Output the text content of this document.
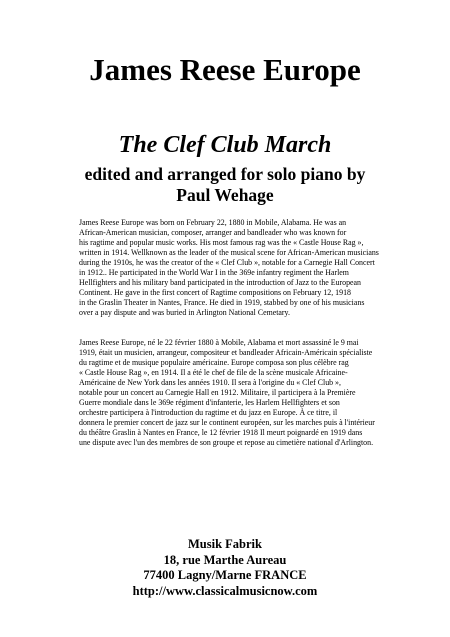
James Reese Europe
The Clef Club March
edited and arranged for solo piano by
Paul Wehage
James Reese Europe was born on February 22, 1880 in Mobile, Alabama. He was an
African-American musician, composer, arranger and bandleader who was known for
his ragtime and popular music works. His most famous rag was the « Castle House Rag »,
written in 1914. Wellknown as the leader of the musical scene for African-American musicians
during the 1910s, he was the creator of the « Clef Club », notable for a Carnegie Hall Concert
in 1912.. He participated in the World War I in the 369e infantry regiment the Harlem
Hellfighters and his military band participated in the introduction of Jazz to the European
Continent. He gave in the first concert of Ragtime compositions on February 12, 1918
in the Graslin Theater in Nantes, France. He died in 1919, stabbed by one of his musicians
over a pay dispute and was buried in Arlington National Cemetary.
James Reese Europe, né le 22 février 1880 à Mobile, Alabama et mort assassiné le 9 mai
1919, était un musicien, arrangeur, compositeur et bandleader Africain-Américain spécialiste
du ragtime et de musique populaire américaine. Europe composa son plus célèbre rag
« Castle House Rag », en 1914. Il a été le chef de file de la scène musicale Africaine-
Américaine de New York dans les années 1910. Il sera à l'origine du « Clef Club »,
notable pour un concert au Carnegie Hall en 1912. Militaire, il participera à la Première
Guerre mondiale dans le 369e régiment d'infanterie, les Harlem Hellfighters et son
orchestre participera à l'introduction du ragtime et du jazz en Europe. À ce titre, il
donnera le premier concert de jazz sur le continent européen, sur les marches puis à l'intérieur
du théâtre Graslin à Nantes en France, le 12 février 1918 Il meurt poignardé en 1919 dans
une dispute avec l'un des membres de son groupe et repose au cimetière national d'Arlington.
Musik Fabrik
18, rue Marthe Aureau
77400 Lagny/Marne FRANCE
http://www.classicalmusicnow.com
